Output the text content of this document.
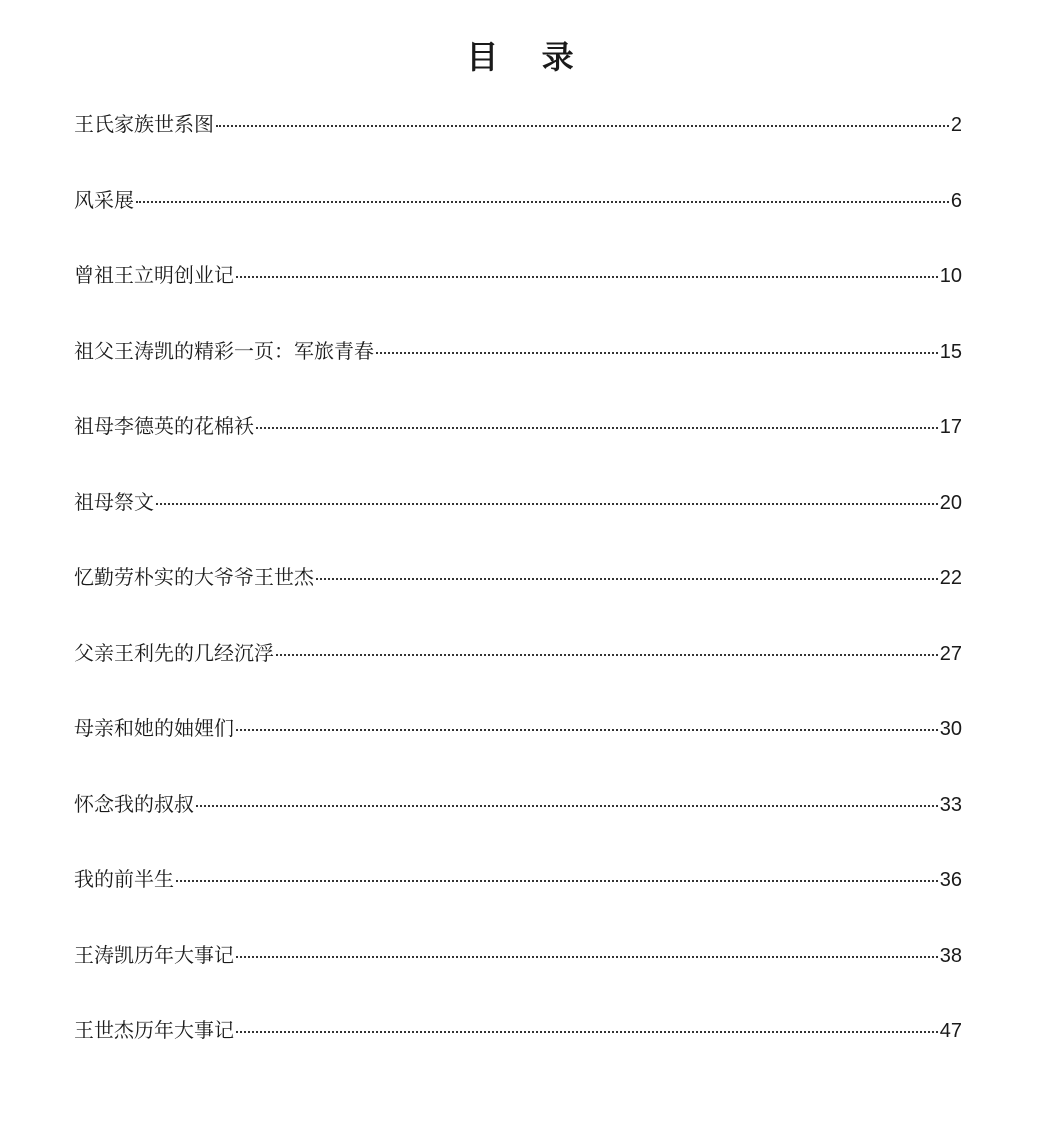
目 录
王氏家族世系图	2
风采展	6
曾祖王立明创业记	10
祖父王涛凯的精彩一页：军旅青春	15
祖母李德英的花棉袄	17
祖母祭文	20
忆勤劳朴实的大爷爷王世杰	22
父亲王利先的几经沉浮	27
母亲和她的妯娌们	30
怀念我的叔叔	33
我的前半生	36
王涛凯历年大事记	38
王世杰历年大事记	47
